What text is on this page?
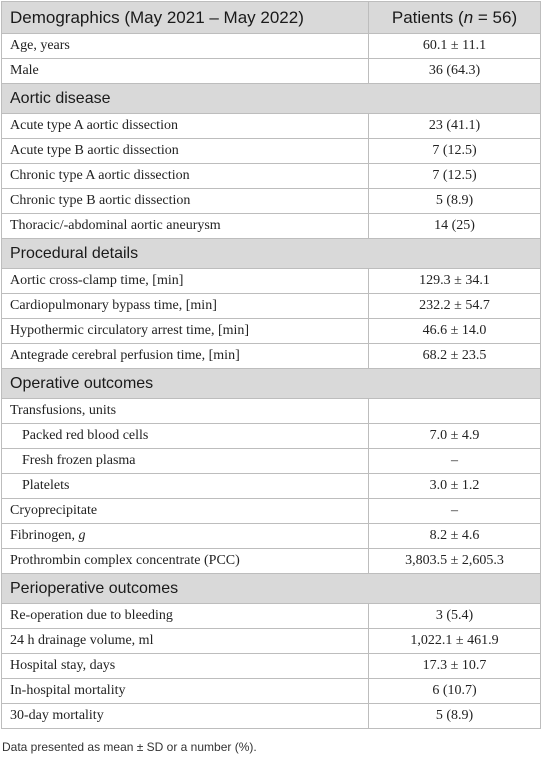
Demographics (May 2021 – May 2022)	Patients (n = 56)
Age, years	60.1 ± 11.1
Male	36 (64.3)
Aortic disease	
Acute type A aortic dissection	23 (41.1)
Acute type B aortic dissection	7 (12.5)
Chronic type A aortic dissection	7 (12.5)
Chronic type B aortic dissection	5 (8.9)
Thoracic/-abdominal aortic aneurysm	14 (25)
Procedural details	
Aortic cross-clamp time, [min]	129.3 ± 34.1
Cardiopulmonary bypass time, [min]	232.2 ± 54.7
Hypothermic circulatory arrest time, [min]	46.6 ± 14.0
Antegrade cerebral perfusion time, [min]	68.2 ± 23.5
Operative outcomes	
Transfusions, units	
Packed red blood cells	7.0 ± 4.9
Fresh frozen plasma	–
Platelets	3.0 ± 1.2
Cryoprecipitate	–
Fibrinogen, g	8.2 ± 4.6
Prothrombin complex concentrate (PCC)	3,803.5 ± 2,605.3
Perioperative outcomes	
Re-operation due to bleeding	3 (5.4)
24 h drainage volume, ml	1,022.1 ± 461.9
Hospital stay, days	17.3 ± 10.7
In-hospital mortality	6 (10.7)
30-day mortality	5 (8.9)
Data presented as mean ± SD or a number (%).
